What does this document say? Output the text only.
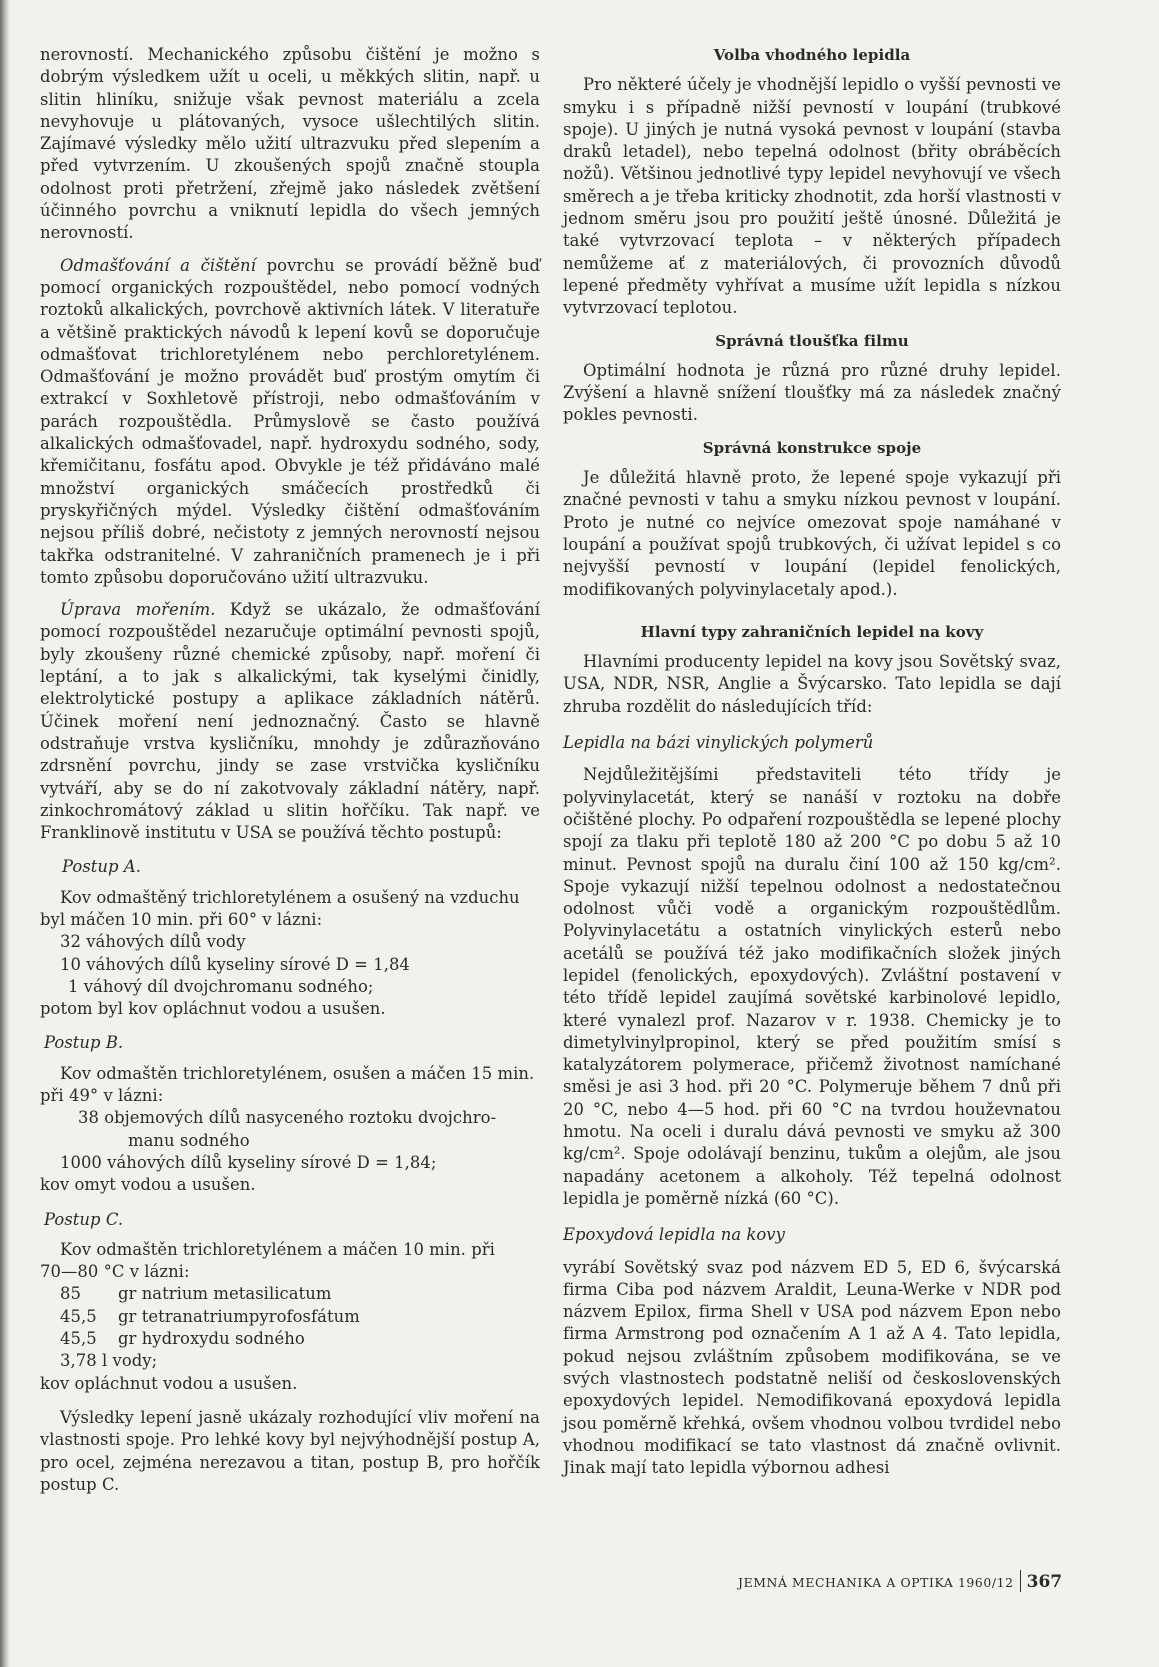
nerovností. Mechanického způsobu čištění je možno s dobrým výsledkem užít u oceli, u měkkých slitin, např. u slitin hliníku, snižuje však pevnost materiálu a zcela nevyhovuje u plátovaných, vysoce ušlechtilých slitin. Zajímavé výsledky mělo užití ultrazvuku před slepením a před vytvrzením. U zkoušených spojů značně stoupla odolnost proti přetržení, zřejmě jako následek zvětšení účinného povrchu a vniknutí lepidla do všech jemných nerovností.

Odmašťování a čištění povrchu se provádí běžně buď pomocí organických rozpouštědel, nebo pomocí vodných roztoků alkalických, povrchově aktivních látek. V literatuře a většině praktických návodů k lepení kovů se doporučuje odmašťovat trichloretylénem nebo perchloretylénem. Odmašťování je možno provádět buď prostým omytím či extrakcí v Soxhletově přístroji, nebo odmašťováním v parách rozpouštědla. Průmyslově se často používá alkalických odmašťovadel, např. hydroxydu sodného, sody, křemičitanu, fosfátu apod. Obvykle je též přidáváno malé množství organických smáčecích prostředků či pryskyřičných mýdel. Výsledky čištění odmašťováním nejsou příliš dobré, nečistoty z jemných nerovností nejsou takřka odstranitelné. V zahraničních pramenech je i při tomto způsobu doporučováno užití ultrazvuku.

Úprava mořením. Když se ukázalo, že odmašťování pomocí rozpouštědel nezaručuje optimální pevnosti spojů, byly zkoušeny různé chemické způsoby, např. moření či leptání, a to jak s alkalickými, tak kyselými činidly, elektrolytické postupy a aplikace základních nátěrů. Účinek moření není jednoznačný. Často se hlavně odstraňuje vrstva kysličníku, mnohdy je zdůrazňováno zdrsnění povrchu, jindy se zase vrstvička kysličníku vytváří, aby se do ní zakotvovaly základní nátěry, např. zinkochromátový základ u slitin hořčíku. Tak např. ve Franklinově institutu v USA se používá těchto postupů:

Postup A.
Kov odmaštěný trichloretylénem a osušený na vzduchu
byl máčen 10 min. při 60° v lázni:
32 váhových dílů vody
10 váhových dílů kyseliny sírové D = 1,84
1 váhový díl dvojchromanu sodného;
potom byl kov opláchnut vodou a usušen.
Postup B.
Kov odmaštěn trichloretylénem, osušen a máčen 15 min.
při 49° v lázni:
38 objemových dílů nasyceného roztoku dvojchro-
manu sodného
1000 váhových dílů kyseliny sírové D = 1,84;
kov omyt vodou a usušen.
Postup C.
Kov odmaštěn trichloretylénem a máčen 10 min. při
70—80 °C v lázni:
85 gr natrium metasilicatum
45,5 gr tetranatriumpyrofosfátum
45,5 gr hydroxydu sodného
3,78 l vody;
kov opláchnut vodou a usušen.

Výsledky lepení jasně ukázaly rozhodující vliv moření na vlastnosti spoje. Pro lehké kovy byl nejvýhodnější postup A, pro ocel, zejména nerezavou a titan, postup B, pro hořčík postup C.

Volba vhodného lepidla

Pro některé účely je vhodnější lepidlo o vyšší pevnosti ve smyku i s případně nižší pevností v loupání (trubkové spoje). U jiných je nutná vysoká pevnost v loupání (stavba draků letadel), nebo tepelná odolnost (břity obráběcích nožů). Většinou jednotlivé typy lepidel nevyhovují ve všech směrech a je třeba kriticky zhodnotit, zda horší vlastnosti v jednom směru jsou pro použití ještě únosné. Důležitá je také vytvrzovací teplota – v některých případech nemůžeme ať z materiálových, či provozních důvodů lepené předměty vyhřívat a musíme užít lepidla s nízkou vytvrzovací teplotou.

Správná tloušťka filmu

Optimální hodnota je různá pro různé druhy lepidel. Zvýšení a hlavně snížení tloušťky má za následek značný pokles pevnosti.

Správná konstrukce spoje

Je důležitá hlavně proto, že lepené spoje vykazují při značné pevnosti v tahu a smyku nízkou pevnost v loupání. Proto je nutné co nejvíce omezovat spoje namáhané v loupání a používat spojů trubkových, či užívat lepidel s co nejvyšší pevností v loupání (lepidel fenolických, modifikovaných polyvinylacetaly apod.).

Hlavní typy zahraničních lepidel na kovy

Hlavními producenty lepidel na kovy jsou Sovětský svaz, USA, NDR, NSR, Anglie a Švýcarsko. Tato lepidla se dají zhruba rozdělit do následujících tříd:

Lepidla na bázi vinylických polymerů

Nejdůležitějšími představiteli této třídy je polyvinylacetát, který se nanáší v roztoku na dobře očištěné plochy. Po odpaření rozpouštědla se lepené plochy spojí za tlaku při teplotě 180 až 200 °C po dobu 5 až 10 minut. Pevnost spojů na duralu činí 100 až 150 kg/cm². Spoje vykazují nižší tepelnou odolnost a nedostatečnou odolnost vůči vodě a organickým rozpouštědlům. Polyvinylacetátu a ostatních vinylických esterů nebo acetálů se používá též jako modifikačních složek jiných lepidel (fenolických, epoxydových). Zvláštní postavení v této třídě lepidel zaujímá sovětské karbinolové lepidlo, které vynalezl prof. Nazarov v r. 1938. Chemicky je to dimetylvinylpropinol, který se před použitím smísí s katalyzátorem polymerace, přičemž životnost namíchané směsi je asi 3 hod. při 20 °C. Polymeruje během 7 dnů při 20 °C, nebo 4—5 hod. při 60 °C na tvrdou houževnatou hmotu. Na oceli i duralu dává pevnosti ve smyku až 300 kg/cm². Spoje odolávají benzinu, tukům a olejům, ale jsou napadány acetonem a alkoholy. Též tepelná odolnost lepidla je poměrně nízká (60 °C).

Epoxydová lepidla na kovy

vyrábí Sovětský svaz pod názvem ED 5, ED 6, švýcarská firma Ciba pod názvem Araldit, Leuna-Werke v NDR pod názvem Epilox, firma Shell v USA pod názvem Epon nebo firma Armstrong pod označením A 1 až A 4. Tato lepidla, pokud nejsou zvláštním způsobem modifikována, se ve svých vlastnostech podstatně neliší od československých epoxydových lepidel. Nemodifikovaná epoxydová lepidla jsou poměrně křehká, ovšem vhodnou volbou tvrdidel nebo vhodnou modifikací se tato vlastnost dá značně ovlivnit. Jinak mají tato lepidla výbornou adhesi

JEMNÁ MECHANIKA A OPTIKA 1960/12 367
